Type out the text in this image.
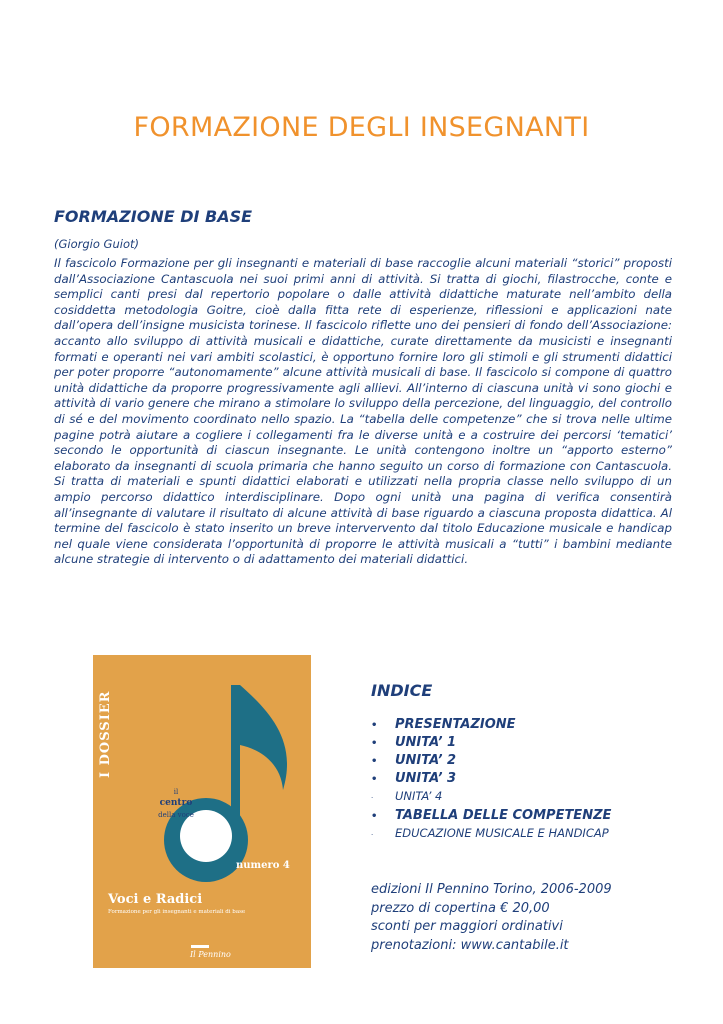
FORMAZIONE DEGLI INSEGNANTI
FORMAZIONE DI BASE
(Giorgio Guiot)

Il fascicolo Formazione per gli insegnanti e materiali di base raccoglie alcuni materiali “storici” proposti dall’Associazione Cantascuola nei suoi primi anni di attività. Si tratta di giochi, filastrocche, conte e semplici canti presi dal repertorio popolare o dalle attività didattiche maturate nell’ambito della cosiddetta metodologia Goitre, cioè dalla fitta rete di esperienze, riflessioni e applicazioni nate dall’opera dell’insigne musicista torinese. Il fascicolo riflette uno dei pensieri di fondo dell’Associazione: accanto allo sviluppo di attività musicali e didattiche, curate direttamente da musicisti e insegnanti formati e operanti nei vari ambiti scolastici, è opportuno fornire loro gli stimoli e gli strumenti didattici per poter proporre “autonomamente” alcune attività musicali di base. Il fascicolo si compone di quattro unità didattiche da proporre progressivamente agli allievi. All’interno di ciascuna unità vi sono giochi e attività di vario genere che mirano a stimolare lo sviluppo della percezione, del linguaggio, del controllo di sé e del movimento coordinato nello spazio. La “tabella delle competenze” che si trova nelle ultime pagine potrà aiutare a cogliere i collegamenti fra le diverse unità e a costruire dei percorsi ‘tematici’ secondo le opportunità di ciascun insegnante. Le unità contengono inoltre un “apporto esterno” elaborato da insegnanti di scuola primaria che hanno seguito un corso di formazione con Cantascuola. Si tratta di materiali e spunti didattici elaborati e utilizzati nella propria classe nello sviluppo di un ampio percorso didattico interdisciplinare. Dopo ogni unità una pagina di verifica consentirà all’insegnante di valutare il risultato di alcune attività di base riguardo a ciascuna proposta didattica. Al termine del fascicolo è stato inserito un breve intervervento dal titolo Educazione musicale e handicap nel quale viene considerata l’opportunità di proporre le attività musicali a “tutti” i bambini mediante alcune strategie di intervento o di adattamento dei materiali didattici.

I DOSSIER
il
centro
della voce
numero 4
Voci e Radici
Formazione per gli insegnanti e materiali di base
Il Pennino
INDICE
• PRESENTAZIONE
• UNITA’ 1
• UNITA’ 2
• UNITA’ 3
· UNITA’ 4
• TABELLA DELLE COMPETENZE
· EDUCAZIONE MUSICALE E HANDICAP
edizioni Il Pennino Torino, 2006-2009
prezzo di copertina € 20,00
sconti per maggiori ordinativi
prenotazioni: www.cantabile.it
